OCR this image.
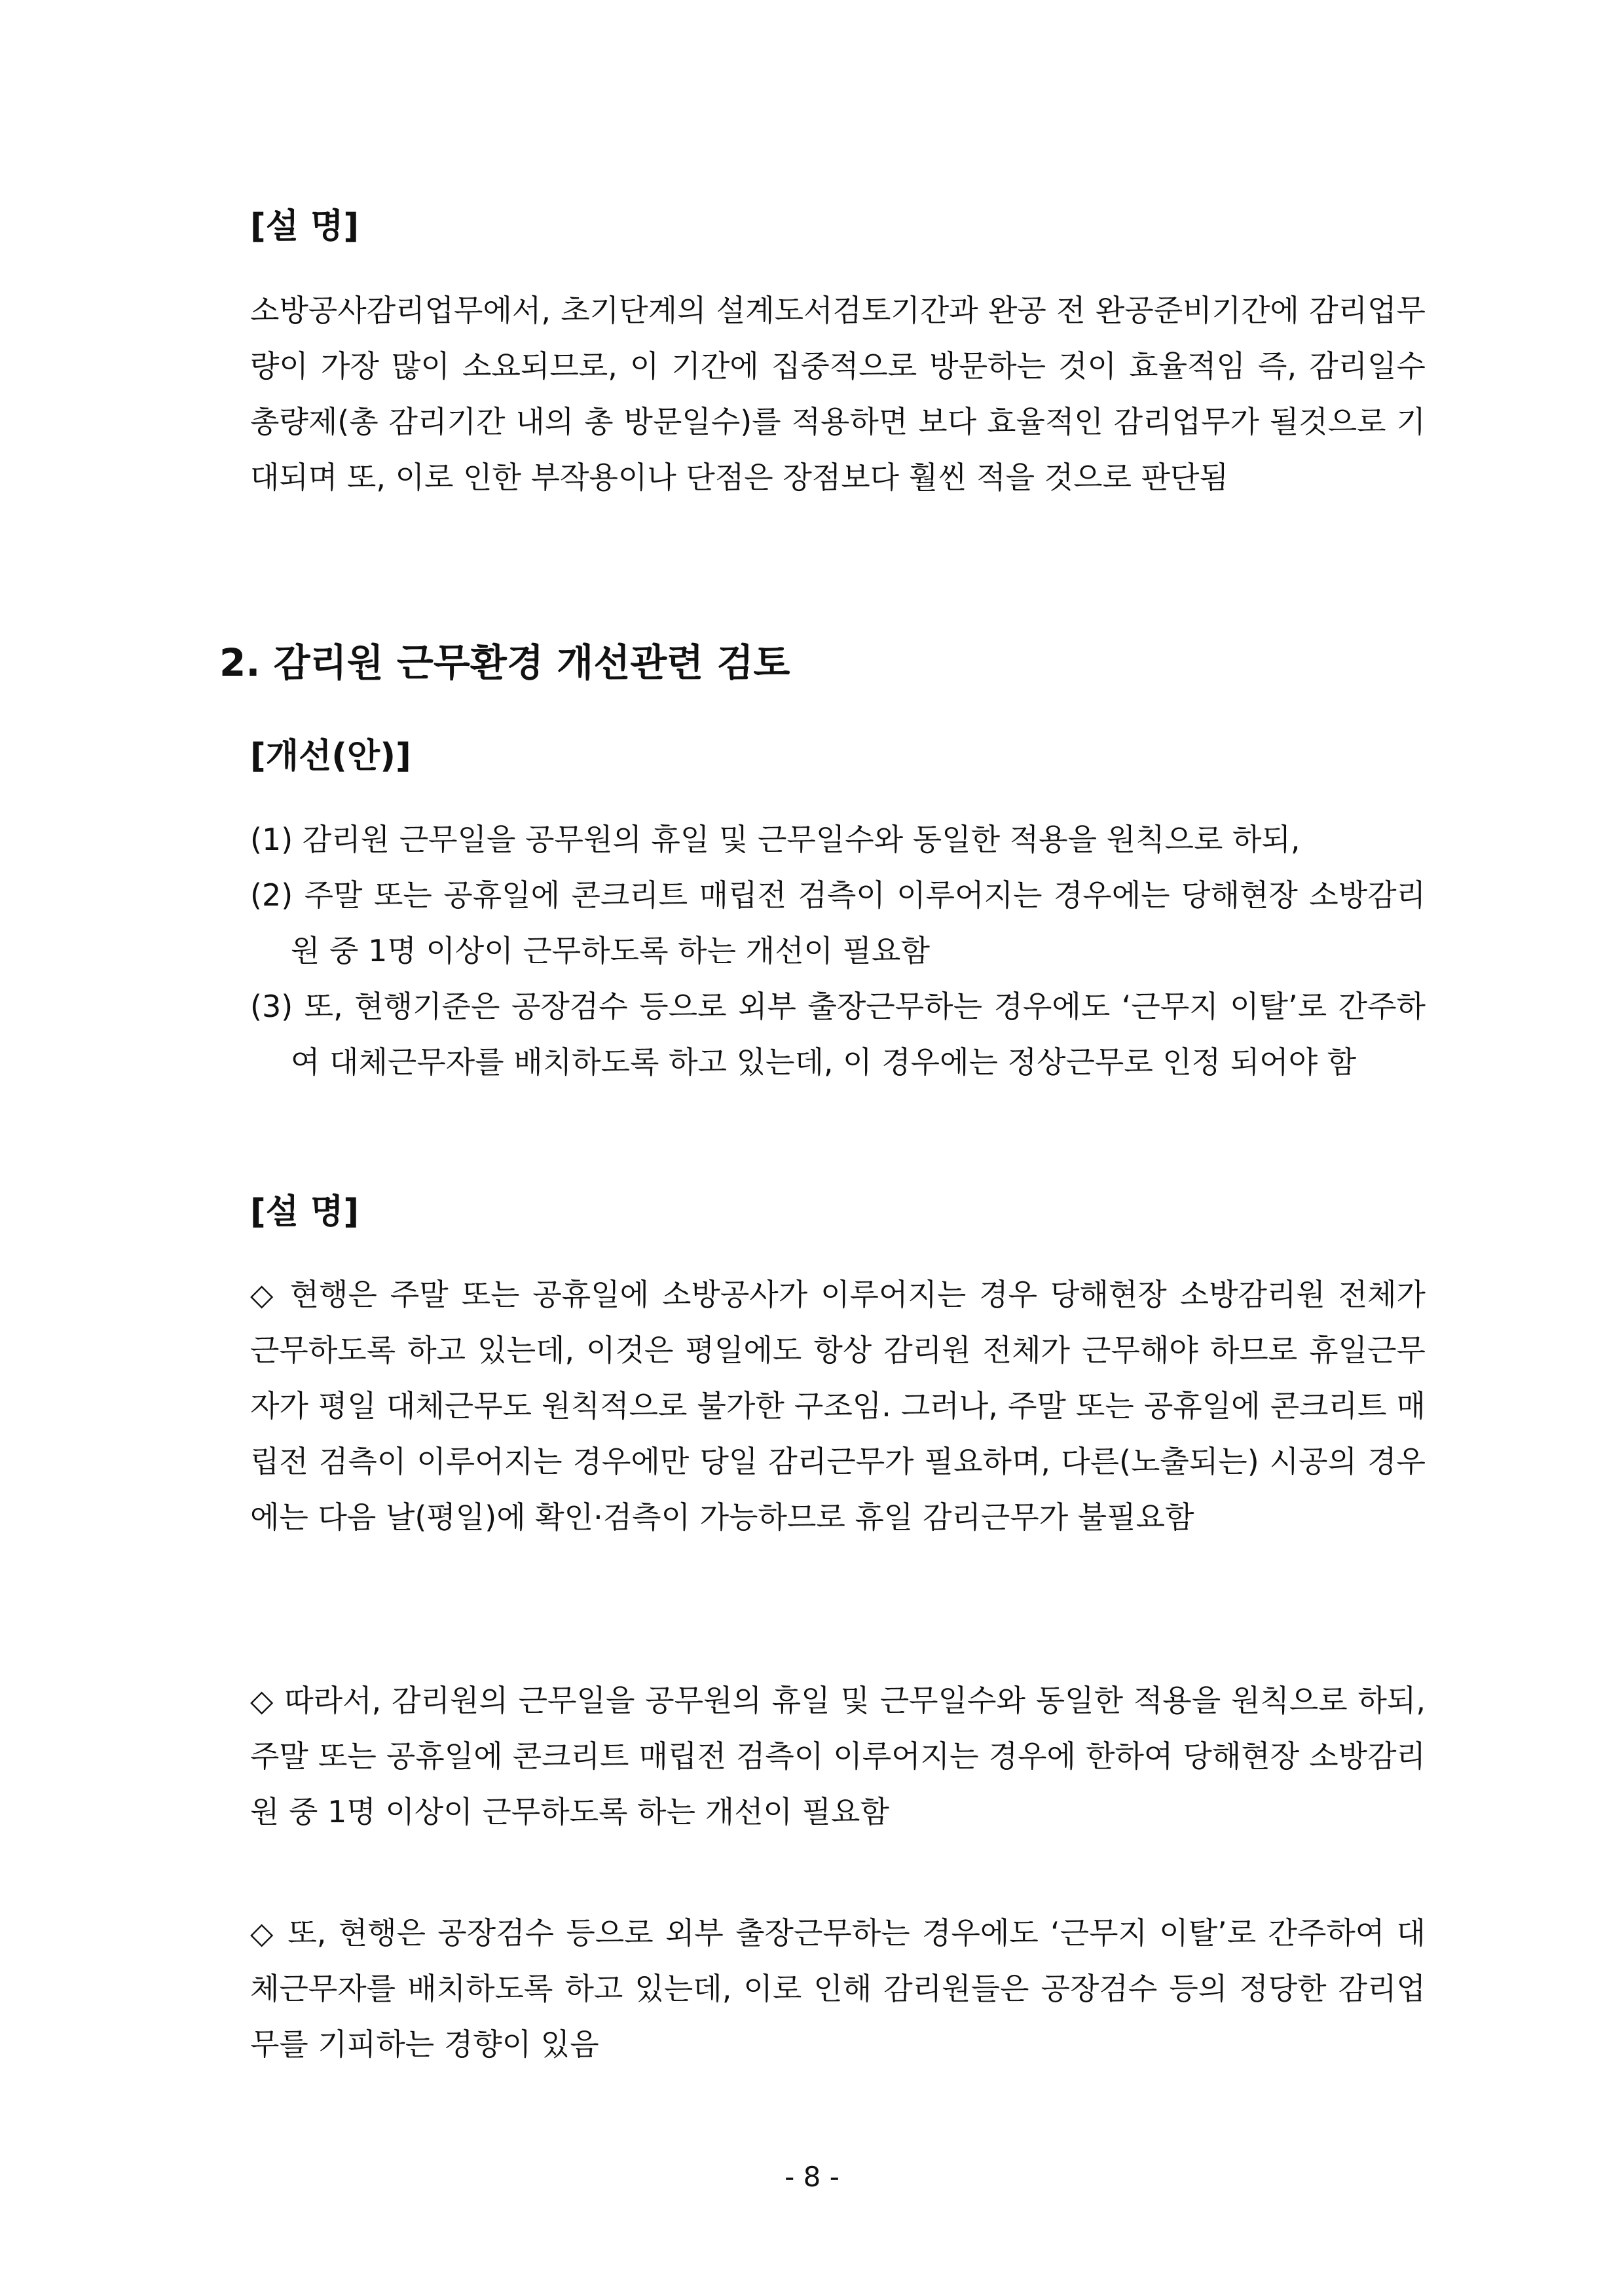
[설 명]

소방공사감리업무에서, 초기단계의 설계도서검토기간과 완공 전 완공준비기간에 감리업무량이 가장 많이 소요되므로, 이 기간에 집중적으로 방문하는 것이 효율적임 즉, 감리일수 총량제(총 감리기간 내의 총 방문일수)를 적용하면 보다 효율적인 감리업무가 될것으로 기대되며 또, 이로 인한 부작용이나 단점은 장점보다 훨씬 적을 것으로 판단됨

2. 감리원 근무환경 개선관련 검토
[개선(안)]
(1) 감리원 근무일을 공무원의 휴일 및 근무일수와 동일한 적용을 원칙으로 하되,
(2) 주말 또는 공휴일에 콘크리트 매립전 검측이 이루어지는 경우에는 당해현장 소방감리원 중 1명 이상이 근무하도록 하는 개선이 필요함
(3) 또, 현행기준은 공장검수 등으로 외부 출장근무하는 경우에도 ‘근무지 이탈’로 간주하여 대체근무자를 배치하도록 하고 있는데, 이 경우에는 정상근무로 인정 되어야 함
[설 명]

◇ 현행은 주말 또는 공휴일에 소방공사가 이루어지는 경우 당해현장 소방감리원 전체가 근무하도록 하고 있는데, 이것은 평일에도 항상 감리원 전체가 근무해야 하므로 휴일근무자가 평일 대체근무도 원칙적으로 불가한 구조임. 그러나, 주말 또는 공휴일에 콘크리트 매립전 검측이 이루어지는 경우에만 당일 감리근무가 필요하며, 다른(노출되는) 시공의 경우에는 다음 날(평일)에 확인·검측이 가능하므로 휴일 감리근무가 불필요함

◇ 따라서, 감리원의 근무일을 공무원의 휴일 및 근무일수와 동일한 적용을 원칙으로 하되, 주말 또는 공휴일에 콘크리트 매립전 검측이 이루어지는 경우에 한하여 당해현장 소방감리원 중 1명 이상이 근무하도록 하는 개선이 필요함

◇ 또, 현행은 공장검수 등으로 외부 출장근무하는 경우에도 ‘근무지 이탈’로 간주하여 대체근무자를 배치하도록 하고 있는데, 이로 인해 감리원들은 공장검수 등의 정당한 감리업무를 기피하는 경향이 있음

- 8 -
